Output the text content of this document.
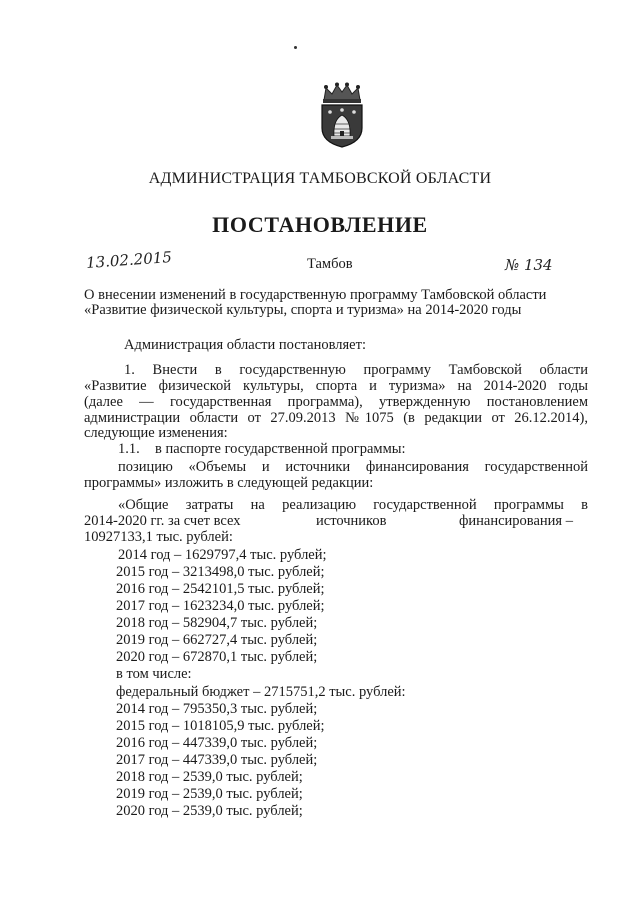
АДМИНИСТРАЦИЯ ТАМБОВСКОЙ ОБЛАСТИ
ПОСТАНОВЛЕНИЕ
13.02.2015	Тамбов	№ 134
О внесении изменений в государственную программу Тамбовской области
«Развитие физической культуры, спорта и туризма» на 2014-2020 годы
Администрация области постановляет:
1. Внести в государственную программу Тамбовской области
«Развитие физической культуры, спорта и туризма» на 2014-2020 годы
(далее — государственная программа), утвержденную постановлением
администрации области от 27.09.2013 №1075 (в редакции от 26.12.2014),
следующие изменения:
1.1. в паспорте государственной программы:
позицию «Объемы и источники финансирования государственной
программы» изложить в следующей редакции:
«Общие затраты на реализацию государственной программы в
2014-2020 гг. за счет всех	источников	финансирования –
10927133,1 тыс. рублей:
2014 год – 1629797,4 тыс. рублей;
2015 год – 3213498,0 тыс. рублей;
2016 год – 2542101,5 тыс. рублей;
2017 год – 1623234,0 тыс. рублей;
2018 год – 582904,7 тыс. рублей;
2019 год – 662727,4 тыс. рублей;
2020 год – 672870,1 тыс. рублей;
в том числе:
федеральный бюджет – 2715751,2 тыс. рублей:
2014 год – 795350,3 тыс. рублей;
2015 год – 1018105,9 тыс. рублей;
2016 год – 447339,0 тыс. рублей;
2017 год – 447339,0 тыс. рублей;
2018 год – 2539,0 тыс. рублей;
2019 год – 2539,0 тыс. рублей;
2020 год – 2539,0 тыс. рублей;
